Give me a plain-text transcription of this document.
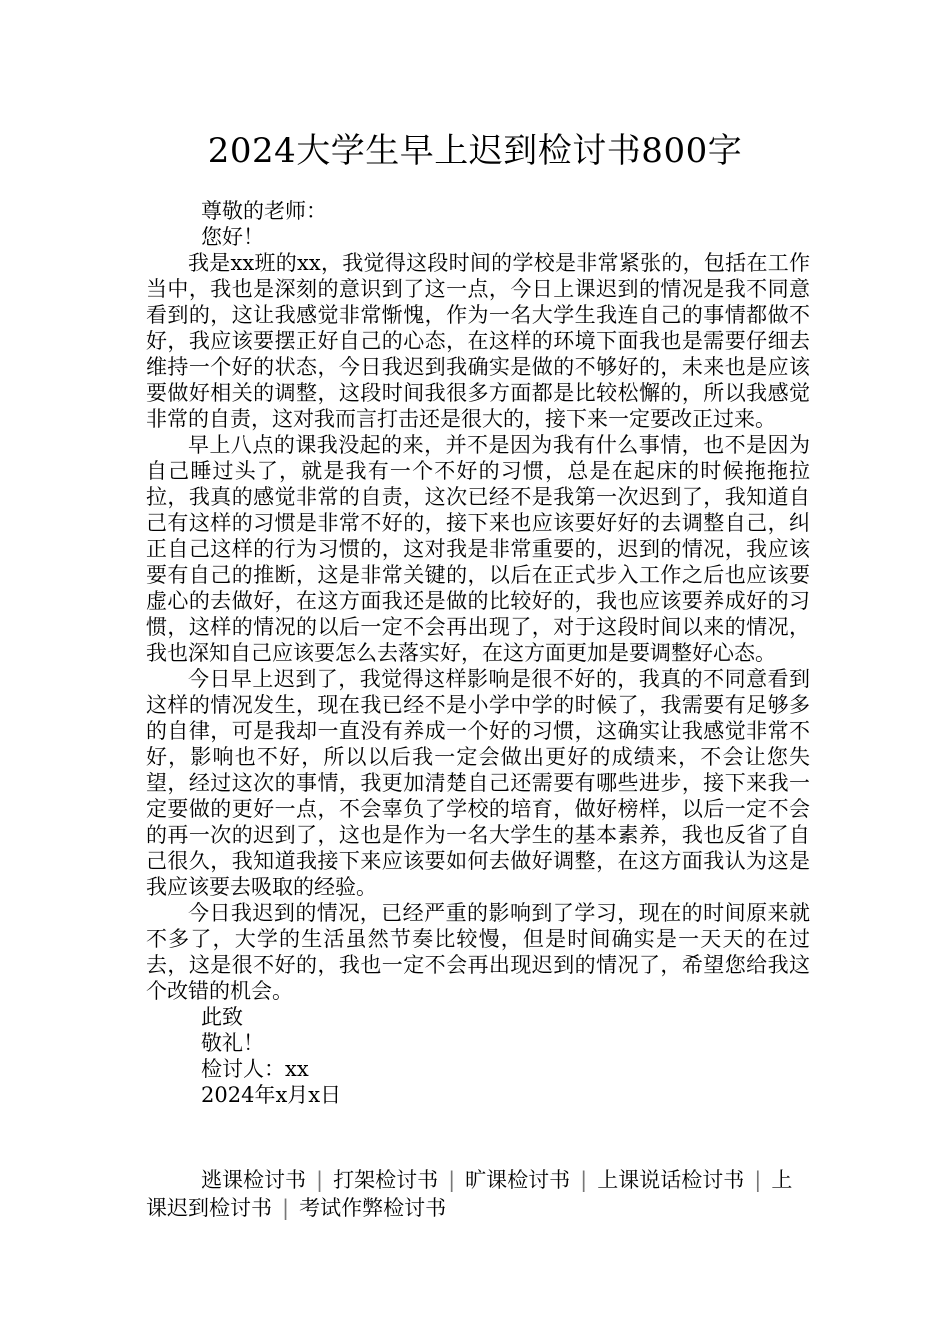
2024大学生早上迟到检讨书800字

尊敬的老师：

您好！

我是xx班的xx，我觉得这段时间的学校是非常紧张的，包括在工作当中，我也是深刻的意识到了这一点，今日上课迟到的情况是我不同意看到的，这让我感觉非常惭愧，作为一名大学生我连自己的事情都做不好，我应该要摆正好自己的心态，在这样的环境下面我也是需要仔细去维持一个好的状态，今日我迟到我确实是做的不够好的，未来也是应该要做好相关的调整，这段时间我很多方面都是比较松懈的，所以我感觉非常的自责，这对我而言打击还是很大的，接下来一定要改正过来。

早上八点的课我没起的来，并不是因为我有什么事情，也不是因为自己睡过头了，就是我有一个不好的习惯，总是在起床的时候拖拖拉拉，我真的感觉非常的自责，这次已经不是我第一次迟到了，我知道自己有这样的习惯是非常不好的，接下来也应该要好好的去调整自己，纠正自己这样的行为习惯的，这对我是非常重要的，迟到的情况，我应该要有自己的推断，这是非常关键的，以后在正式步入工作之后也应该要虚心的去做好，在这方面我还是做的比较好的，我也应该要养成好的习惯，这样的情况的以后一定不会再出现了，对于这段时间以来的情况，我也深知自己应该要怎么去落实好，在这方面更加是要调整好心态。

今日早上迟到了，我觉得这样影响是很不好的，我真的不同意看到这样的情况发生，现在我已经不是小学中学的时候了，我需要有足够多的自律，可是我却一直没有养成一个好的习惯，这确实让我感觉非常不好，影响也不好，所以以后我一定会做出更好的成绩来，不会让您失望，经过这次的事情，我更加清楚自己还需要有哪些进步，接下来我一定要做的更好一点，不会辜负了学校的培育，做好榜样，以后一定不会的再一次的迟到了，这也是作为一名大学生的基本素养，我也反省了自己很久，我知道我接下来应该要如何去做好调整，在这方面我认为这是我应该要去吸取的经验。

今日我迟到的情况，已经严重的影响到了学习，现在的时间原来就不多了，大学的生活虽然节奏比较慢，但是时间确实是一天天的在过去，这是很不好的，我也一定不会再出现迟到的情况了，希望您给我这个改错的机会。

此致

敬礼！

检讨人：xx

2024年x月x日

逃课检讨书 | 打架检讨书 | 旷课检讨书 | 上课说话检讨书 | 上课迟到检讨书 | 考试作弊检讨书
